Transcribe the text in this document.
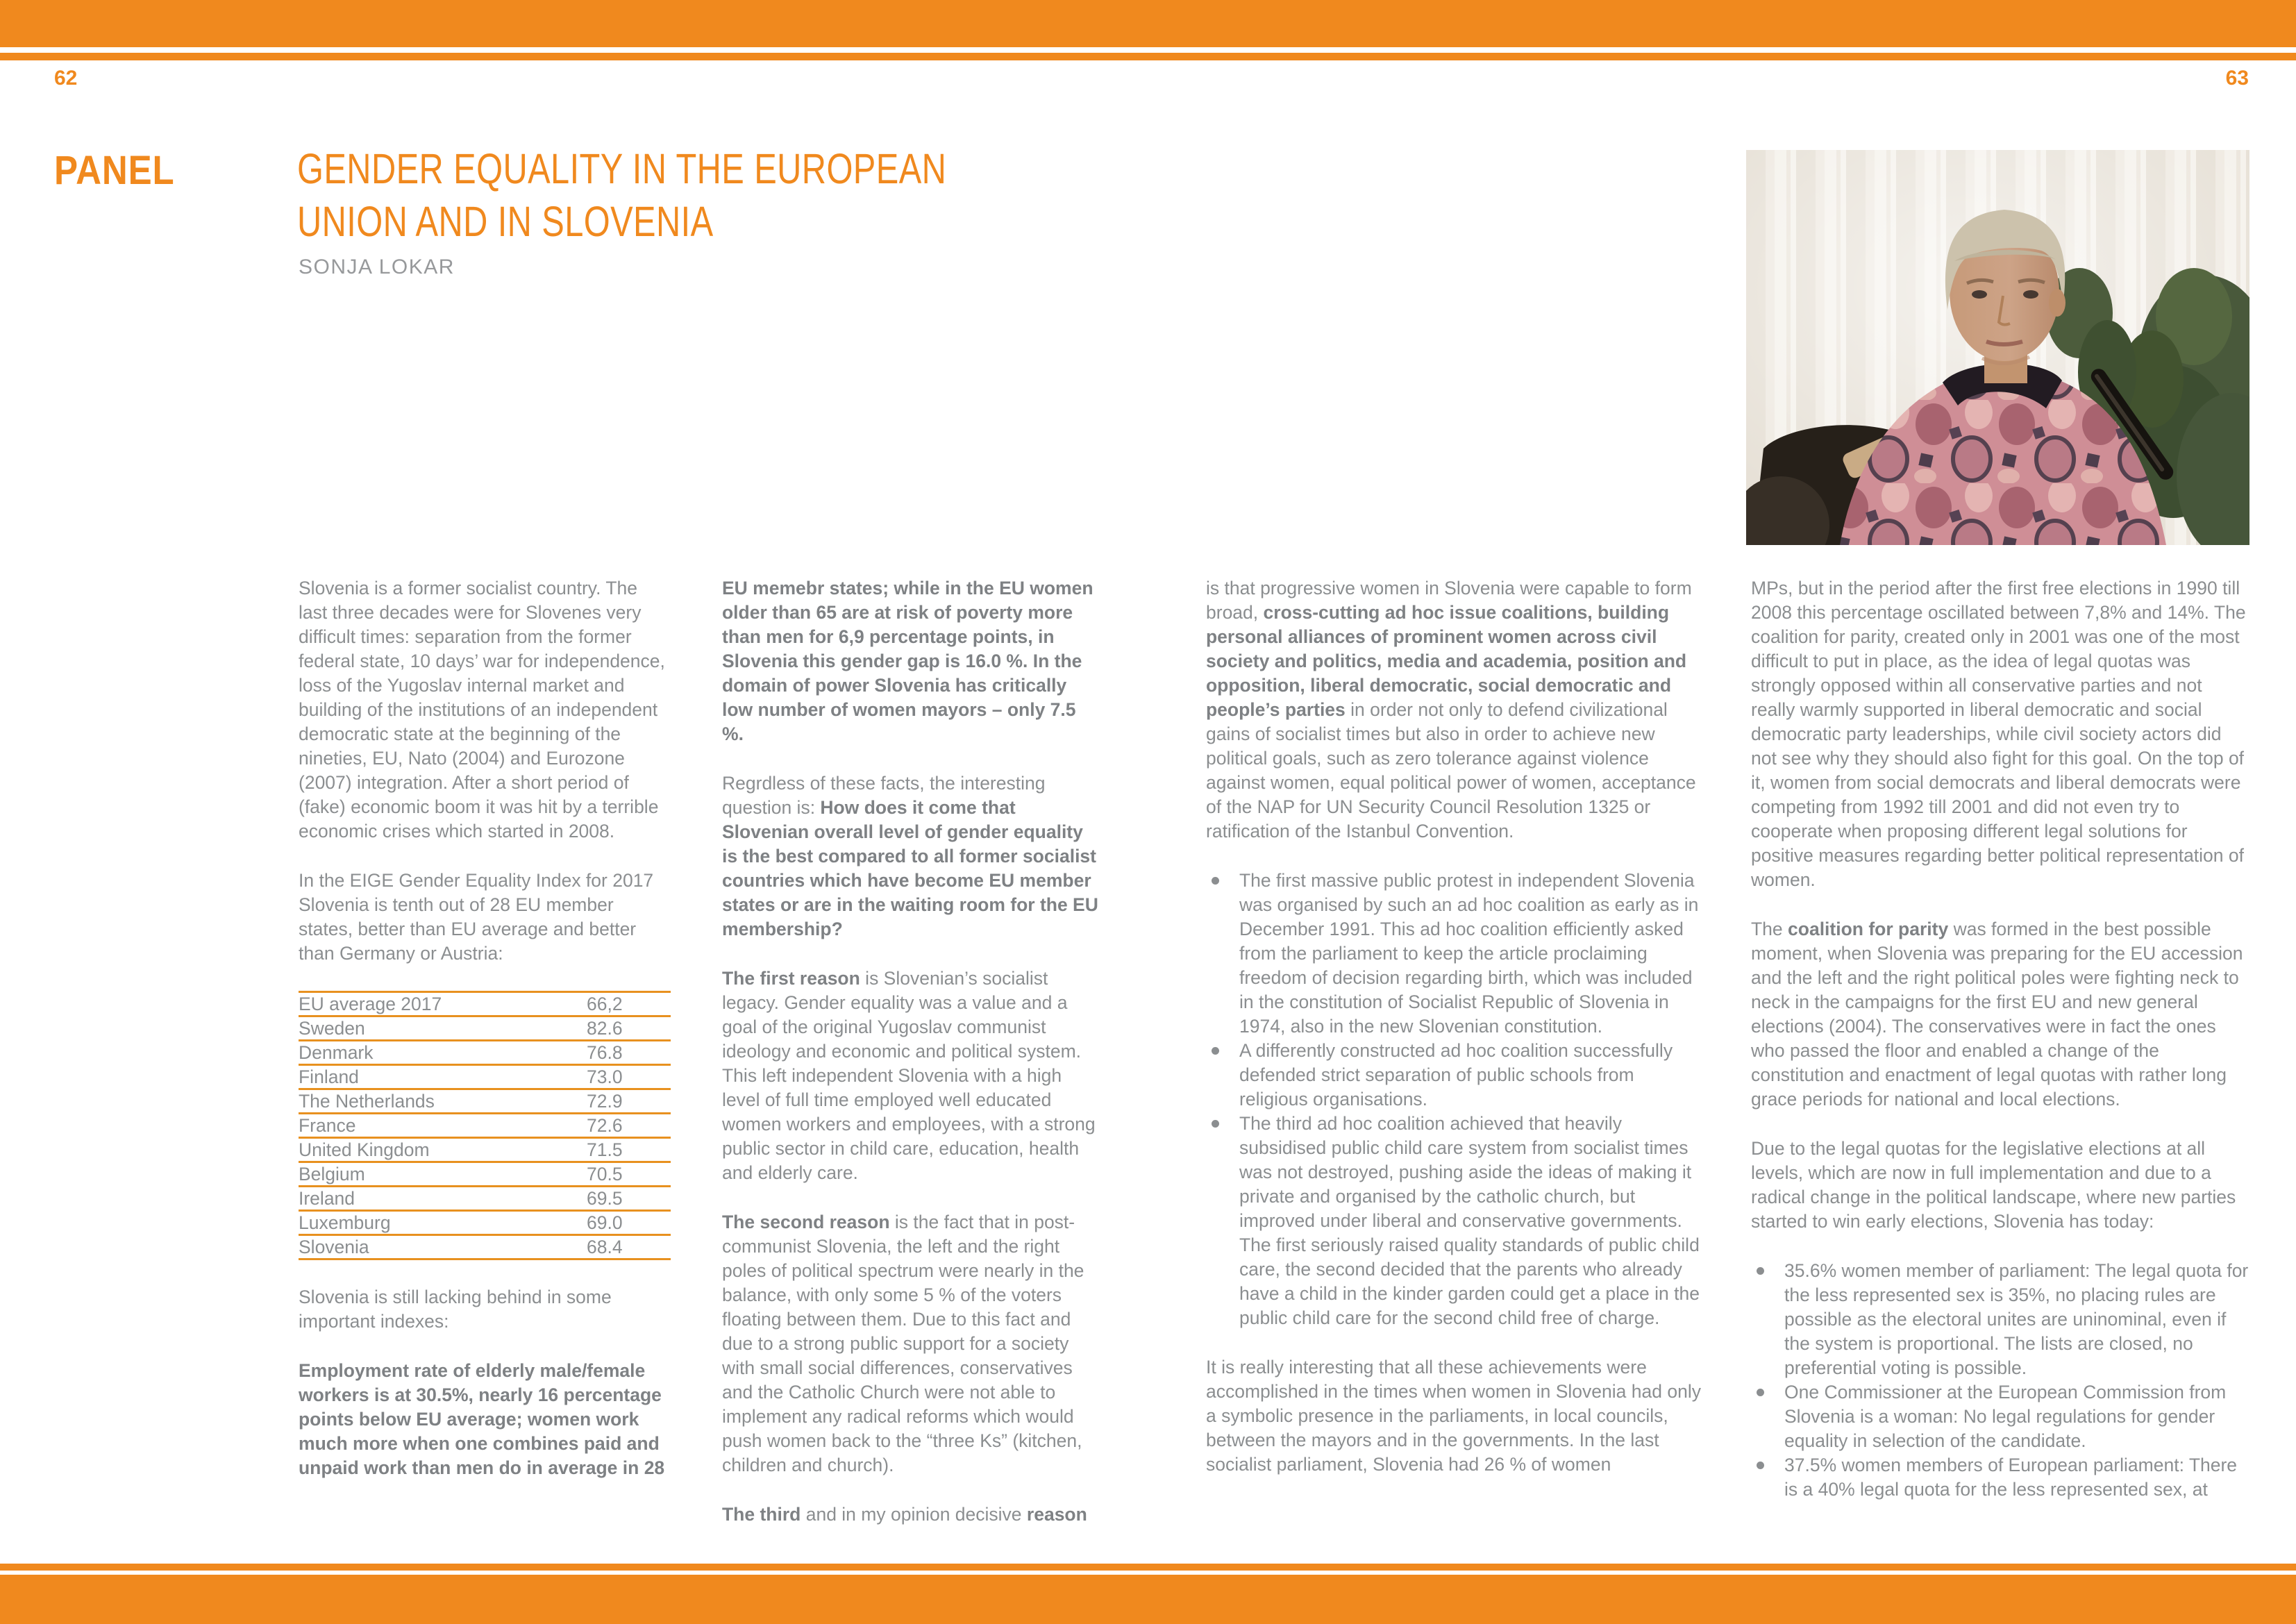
62	63
PANEL	GENDER EQUALITY IN THE EUROPEAN
UNION AND IN SLOVENIA
SONJA LOKAR

Slovenia is a former socialist country. The last three decades were for Slovenes very difficult times: separation from the former federal state, 10 days’ war for independence, loss of the Yugoslav internal market and building of the institutions of an independent democratic state at the beginning of the nineties, EU, Nato (2004) and Eurozone (2007) integration. After a short period of (fake) economic boom it was hit by a terrible economic crises which started in 2008.

In the EIGE Gender Equality Index for 2017 Slovenia is tenth out of 28 EU member states, better than EU average and better than Germany or Austria:

EU average 2017	66,2
Sweden	82.6
Denmark	76.8
Finland	73.0
The Netherlands	72.9
France	72.6
United Kingdom	71.5
Belgium	70.5
Ireland	69.5
Luxemburg	69.0
Slovenia	68.4

Slovenia is still lacking behind in some important indexes:

Employment rate of elderly male/female workers is at 30.5%, nearly 16 percentage points below EU average; women work much more when one combines paid and unpaid work than men do in average in 28

EU memebr states; while in the EU women older than 65 are at risk of poverty more than men for 6,9 percentage points, in Slovenia this gender gap is 16.0 %. In the domain of power Slovenia has critically low number of women mayors – only 7.5 %.

Regrdless of these facts, the interesting question is: How does it come that Slovenian overall level of gender equality is the best compared to all former socialist countries which have become EU member states or are in the waiting room for the EU membership?

The first reason is Slovenian’s socialist legacy. Gender equality was a value and a goal of the original Yugoslav communist ideology and economic and political system. This left independent Slovenia with a high level of full time employed well educated women workers and employees, with a strong public sector in child care, education, health and elderly care.

The second reason is the fact that in post-communist Slovenia, the left and the right poles of political spectrum were nearly in the balance, with only some 5 % of the voters floating between them. Due to this fact and due to a strong public support for a society with small social differences, conservatives and the Catholic Church were not able to implement any radical reforms which would push women back to the “three Ks” (kitchen, children and church).

The third and in my opinion decisive reason

is that progressive women in Slovenia were capable to form broad, cross-cutting ad hoc issue coalitions, building personal alliances of prominent women across civil society and politics, media and academia, position and opposition, liberal democratic, social democratic and people’s parties in order not only to defend civilizational gains of socialist times but also in order to achieve new political goals, such as zero tolerance against violence against women, equal political power of women, acceptance of the NAP for UN Security Council Resolution 1325 or ratification of the Istanbul Convention.

The first massive public protest in independent Slovenia was organised by such an ad hoc coalition as early as in December 1991. This ad hoc coalition efficiently asked from the parliament to keep the article proclaiming freedom of decision regarding birth, which was included in the constitution of Socialist Republic of Slovenia in 1974, also in the new Slovenian constitution.
A differently constructed ad hoc coalition successfully defended strict separation of public schools from religious organisations.
The third ad hoc coalition achieved that heavily subsidised public child care system from socialist times was not destroyed, pushing aside the ideas of making it private and organised by the catholic church, but improved under liberal and conservative governments. The first seriously raised quality standards of public child care, the second decided that the parents who already have a child in the kinder garden could get a place in the public child care for the second child free of charge.

It is really interesting that all these achievements were accomplished in the times when women in Slovenia had only a symbolic presence in the parliaments, in local councils, between the mayors and in the governments. In the last socialist parliament, Slovenia had 26 % of women

MPs, but in the period after the first free elections in 1990 till 2008 this percentage oscillated between 7,8% and 14%. The coalition for parity, created only in 2001 was one of the most difficult to put in place, as the idea of legal quotas was strongly opposed within all conservative parties and not really warmly supported in liberal democratic and social democratic party leaderships, while civil society actors did not see why they should also fight for this goal. On the top of it, women from social democrats and liberal democrats were competing from 1992 till 2001 and did not even try to cooperate when proposing different legal solutions for positive measures regarding better political representation of women.

The coalition for parity was formed in the best possible moment, when Slovenia was preparing for the EU accession and the left and the right political poles were fighting neck to neck in the campaigns for the first EU and new general elections (2004). The conservatives were in fact the ones who passed the floor and enabled a change of the constitution and enactment of legal quotas with rather long grace periods for national and local elections.

Due to the legal quotas for the legislative elections at all levels, which are now in full implementation and due to a radical change in the political landscape, where new parties started to win early elections, Slovenia has today:

35.6% women member of parliament: The legal quota for the less represented sex is 35%, no placing rules are possible as the electoral unites are uninominal, even if the system is proportional. The lists are closed, no preferential voting is possible.
One Commissioner at the European Commission from Slovenia is a woman: No legal regulations for gender equality in selection of the candidate.
37.5% women members of European parliament: There is a 40% legal quota for the less represented sex, at
